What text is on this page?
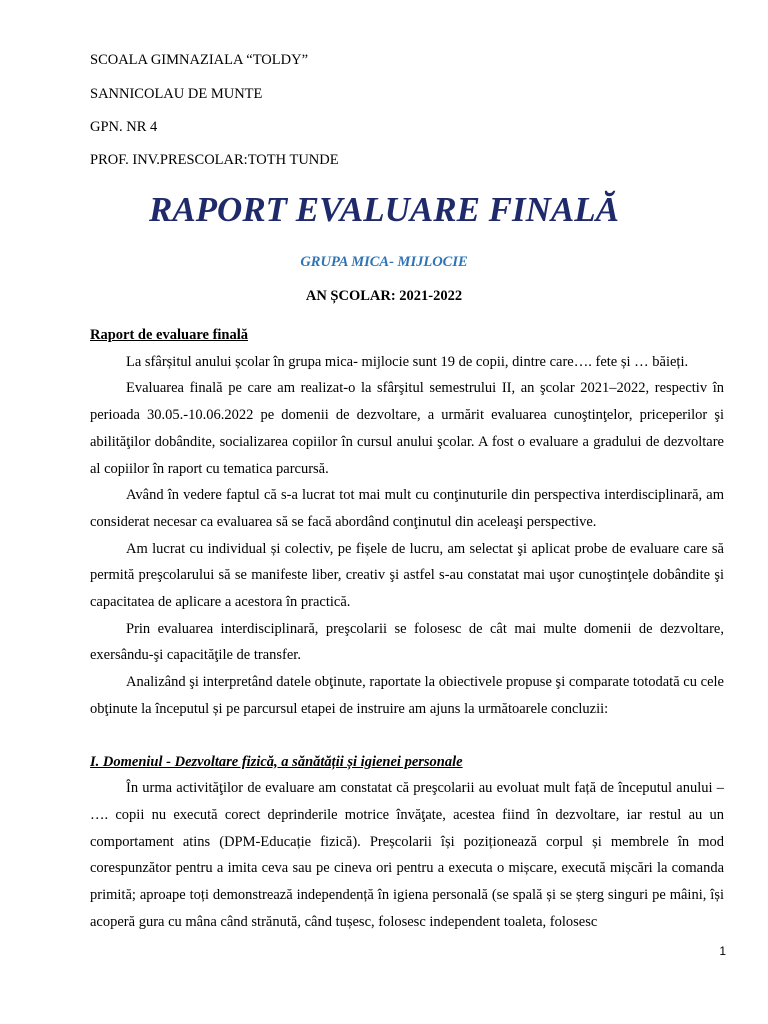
SCOALA GIMNAZIALA “TOLDY”
SANNICOLAU DE MUNTE
GPN. NR 4
PROF. INV.PRESCOLAR:TOTH TUNDE
RAPORT EVALUARE FINALĂ
GRUPA MICA- MIJLOCIE
AN ȘCOLAR: 2021-2022

Raport de evaluare finală

La sfârșitul anului școlar în grupa mica- mijlocie sunt 19 de copii, dintre care…. fete și … băieți.

Evaluarea finală pe care am realizat-o la sfârşitul semestrului II, an şcolar 2021–2022, respectiv în perioada 30.05.-10.06.2022 pe domenii de dezvoltare, a urmărit evaluarea cunoştinţelor, priceperilor şi abilităţilor dobândite, socializarea copiilor în cursul anului şcolar. A fost o evaluare a gradului de dezvoltare al copiilor în raport cu tematica parcursă.

Având în vedere faptul că s-a lucrat tot mai mult cu conţinuturile din perspectiva interdisciplinară, am considerat necesar ca evaluarea să se facă abordând conţinutul din aceleaşi perspective.

Am lucrat cu individual și colectiv, pe fișele de lucru, am selectat şi aplicat probe de evaluare care să permită preşcolarului să se manifeste liber, creativ şi astfel s-au constatat mai uşor cunoştinţele dobândite şi capacitatea de aplicare a acestora în practică.

Prin evaluarea interdisciplinară, preşcolarii se folosesc de cât mai multe domenii de dezvoltare, exersându-şi capacităţile de transfer.

Analizând şi interpretând datele obţinute, raportate la obiectivele propuse şi comparate totodată cu cele obţinute la începutul și pe parcursul etapei de instruire am ajuns la următoarele concluzii:

I. Domeniul - Dezvoltare fizică, a sănătății și igienei personale

În urma activităţilor de evaluare am constatat că preşcolarii au evoluat mult față de începutul anului – …. copii nu execută corect deprinderile motrice învăţate, acestea fiind în dezvoltare, iar restul au un comportament atins (DPM-Educație fizică). Preșcolarii își poziționează corpul și membrele în mod corespunzător pentru a imita ceva sau pe cineva ori pentru a executa o mișcare, execută mișcări la comanda primită; aproape toți demonstrează independență în igiena personală (se spală și se șterg singuri pe mâini, își acoperă gura cu mâna când strănută, când tușesc, folosesc independent toaleta, folosesc

1
